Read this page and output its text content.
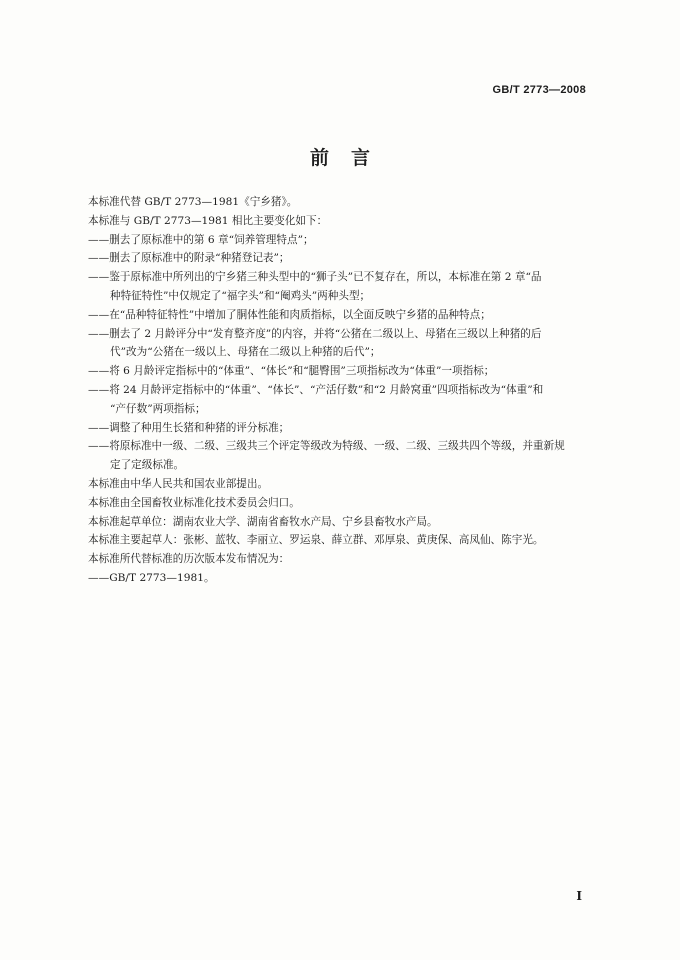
GB/T 2773—2008
前言
本标准代替 GB/T 2773—1981《宁乡猪》。
本标准与 GB/T 2773—1981 相比主要变化如下：
——删去了原标准中的第 6 章“饲养管理特点”；
——删去了原标准中的附录“种猪登记表”；
——鉴于原标准中所列出的宁乡猪三种头型中的“狮子头”已不复存在，所以，本标准在第 2 章“品
种特征特性”中仅规定了“福字头”和“阉鸡头”两种头型；
——在“品种特征特性”中增加了胴体性能和肉质指标，以全面反映宁乡猪的品种特点；
——删去了 2 月龄评分中“发育整齐度”的内容，并将“公猪在二级以上、母猪在三级以上种猪的后
代”改为“公猪在一级以上、母猪在二级以上种猪的后代”；
——将 6 月龄评定指标中的“体重”、“体长”和“腿臀围”三项指标改为“体重”一项指标；
——将 24 月龄评定指标中的“体重”、“体长”、“产活仔数”和“2 月龄窝重”四项指标改为“体重”和
“产仔数”两项指标；
——调整了种用生长猪和种猪的评分标准；
——将原标准中一级、二级、三级共三个评定等级改为特级、一级、二级、三级共四个等级，并重新规
定了定级标准。
本标准由中华人民共和国农业部提出。
本标准由全国畜牧业标准化技术委员会归口。
本标准起草单位：湖南农业大学、湖南省畜牧水产局、宁乡县畜牧水产局。
本标准主要起草人：张彬、蓝牧、李丽立、罗运泉、薛立群、邓厚泉、黄庚保、高凤仙、陈宇光。
本标准所代替标准的历次版本发布情况为：
——GB/T 2773—1981。
I
